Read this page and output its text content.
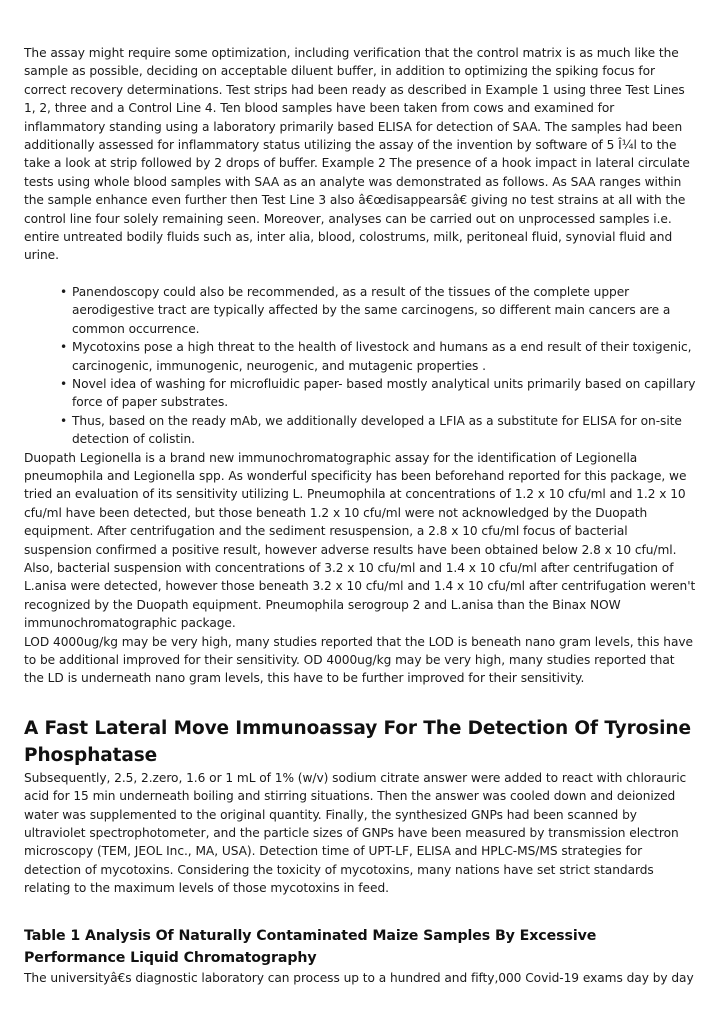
The assay might require some optimization, including verification that the control matrix is as much like the sample as possible, deciding on acceptable diluent buffer, in addition to optimizing the spiking focus for correct recovery determinations. Test strips had been ready as described in Example 1 using three Test Lines 1, 2, three and a Control Line 4. Ten blood samples have been taken from cows and examined for inflammatory standing using a laboratory primarily based ELISA for detection of SAA. The samples had been additionally assessed for inflammatory status utilizing the assay of the invention by software of 5 Î¼l to the take a look at strip followed by 2 drops of buffer. Example 2 The presence of a hook impact in lateral circulate tests using whole blood samples with SAA as an analyte was demonstrated as follows. As SAA ranges within the sample enhance even further then Test Line 3 also â€œdisappearsâ€ giving no test strains at all with the control line four solely remaining seen. Moreover, analyses can be carried out on unprocessed samples i.e. entire untreated bodily fluids such as, inter alia, blood, colostrums, milk, peritoneal fluid, synovial fluid and urine.

• Panendoscopy could also be recommended, as a result of the tissues of the complete upper aerodigestive tract are typically affected by the same carcinogens, so different main cancers are a common occurrence.
• Mycotoxins pose a high threat to the health of livestock and humans as a end result of their toxigenic, carcinogenic, immunogenic, neurogenic, and mutagenic properties .
• Novel idea of washing for microfluidic paper- based mostly analytical units primarily based on capillary force of paper substrates.
• Thus, based on the ready mAb, we additionally developed a LFIA as a substitute for ELISA for on-site detection of colistin.

Duopath Legionella is a brand new immunochromatographic assay for the identification of Legionella pneumophila and Legionella spp. As wonderful specificity has been beforehand reported for this package, we tried an evaluation of its sensitivity utilizing L. Pneumophila at concentrations of 1.2 x 10 cfu/ml and 1.2 x 10 cfu/ml have been detected, but those beneath 1.2 x 10 cfu/ml were not acknowledged by the Duopath equipment. After centrifugation and the sediment resuspension, a 2.8 x 10 cfu/ml focus of bacterial suspension confirmed a positive result, however adverse results have been obtained below 2.8 x 10 cfu/ml. Also, bacterial suspension with concentrations of 3.2 x 10 cfu/ml and 1.4 x 10 cfu/ml after centrifugation of L.anisa were detected, however those beneath 3.2 x 10 cfu/ml and 1.4 x 10 cfu/ml after centrifugation weren't recognized by the Duopath equipment. Pneumophila serogroup 2 and L.anisa than the Binax NOW immunochromatographic package.

LOD 4000ug/kg may be very high, many studies reported that the LOD is beneath nano gram levels, this have to be additional improved for their sensitivity. OD 4000ug/kg may be very high, many studies reported that the LD is underneath nano gram levels, this have to be further improved for their sensitivity.

A Fast Lateral Move Immunoassay For The Detection Of Tyrosine Phosphatase

Subsequently, 2.5, 2.zero, 1.6 or 1 mL of 1% (w/v) sodium citrate answer were added to react with chlorauric acid for 15 min underneath boiling and stirring situations. Then the answer was cooled down and deionized water was supplemented to the original quantity. Finally, the synthesized GNPs had been scanned by ultraviolet spectrophotometer, and the particle sizes of GNPs have been measured by transmission electron microscopy (TEM, JEOL Inc., MA, USA). Detection time of UPT-LF, ELISA and HPLC-MS/MS strategies for detection of mycotoxins. Considering the toxicity of mycotoxins, many nations have set strict standards relating to the maximum levels of those mycotoxins in feed.

Table 1 Analysis Of Naturally Contaminated Maize Samples By Excessive Performance Liquid Chromatography

The universityâ€s diagnostic laboratory can process up to a hundred and fifty,000 Covid-19 exams day by day
